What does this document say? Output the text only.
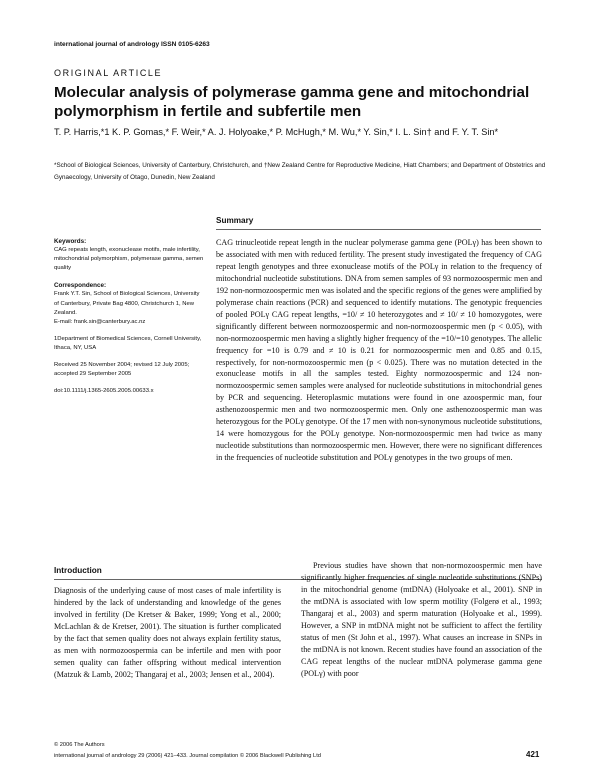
international journal of andrology ISSN 0105-6263
ORIGINAL ARTICLE
Molecular analysis of polymerase gamma gene and mitochondrial polymorphism in fertile and subfertile men
T. P. Harris,*1 K. P. Gomas,* F. Weir,* A. J. Holyoake,* P. McHugh,* M. Wu,* Y. Sin,* I. L. Sin† and F. Y. T. Sin*
*School of Biological Sciences, University of Canterbury, Christchurch, and †New Zealand Centre for Reproductive Medicine, Hiatt Chambers; and Department of Obstetrics and Gynaecology, University of Otago, Dunedin, New Zealand
Summary
Keywords:
CAG repeats length, exonuclease motifs, male infertility, mitochondrial polymorphism, polymerase gamma, semen quality
Correspondence:
Frank Y.T. Sin, School of Biological Sciences, University of Canterbury, Private Bag 4800, Christchurch 1, New Zealand.
E-mail: frank.sin@canterbury.ac.nz
1Department of Biomedical Sciences, Cornell University, Ithaca, NY, USA
Received 25 November 2004; revised 12 July 2005; accepted 29 September 2005
doi:10.1111/j.1365-2605.2005.00633.x

CAG trinucleotide repeat length in the nuclear polymerase gamma gene (POLγ) has been shown to be associated with men with reduced fertility. The present study investigated the frequency of CAG repeat length genotypes and three exonuclease motifs of the POLγ in relation to the frequency of mitochondrial nucleotide substitutions. DNA from semen samples of 93 normozoospermic men and 192 non-normozoospermic men was isolated and the specific regions of the genes were amplified by polymerase chain reactions (PCR) and sequenced to identify mutations. The genotypic frequencies of pooled POLγ CAG repeat lengths, =10/ ≠ 10 heterozygotes and ≠ 10/ ≠ 10 homozygotes, were significantly different between normozoospermic and non-normozoospermic men (p < 0.05), with non-normozoospermic men having a slightly higher frequency of the =10/=10 genotypes. The allelic frequency for =10 is 0.79 and ≠ 10 is 0.21 for normozoospermic men and 0.85 and 0.15, respectively, for non-normozoospermic men (p < 0.025). There was no mutation detected in the exonuclease motifs in all the samples tested. Eighty normozoospermic and 124 non-normozoospermic semen samples were analysed for nucleotide substitutions in mitochondrial genes by PCR and sequencing. Heteroplasmic mutations were found in one azoospermic man, four asthenozoospermic men and two normozoospermic men. Only one asthenozoospermic man was heterozygous for the POLγ genotype. Of the 17 men with non-synonymous nucleotide substitutions, 14 were homozygous for the POLγ genotype. Non-normozoospermic men had twice as many nucleotide substitutions than normozoospermic men. However, there were no significant differences in the frequencies of nucleotide substitution and POLγ genotypes in the two groups of men.

Introduction

Diagnosis of the underlying cause of most cases of male infertility is hindered by the lack of understanding and knowledge of the genes involved in fertility (De Kretser & Baker, 1999; Yong et al., 2000; McLachlan & de Kretser, 2001). The situation is further complicated by the fact that semen quality does not always explain fertility status, as men with normozoospermia can be infertile and men with poor semen quality can father offspring without medical intervention (Matzuk & Lamb, 2002; Thangaraj et al., 2003; Jensen et al., 2004).

Previous studies have shown that non-normozoospermic men have significantly higher frequencies of single nucleotide substitutions (SNPs) in the mitochondrial genome (mtDNA) (Holyoake et al., 2001). SNP in the mtDNA is associated with low sperm motility (Folgerø et al., 1993; Thangaraj et al., 2003) and sperm maturation (Holyoake et al., 1999). However, a SNP in mtDNA might not be sufficient to affect the fertility status of men (St John et al., 1997). What causes an increase in SNPs in the mtDNA is not known. Recent studies have found an association of the CAG repeat lengths of the nuclear mtDNA polymerase gamma gene (POLγ) with poor

© 2006 The Authors
international journal of andrology 29 (2006) 421–433. Journal compilation © 2006 Blackwell Publishing Ltd	421
